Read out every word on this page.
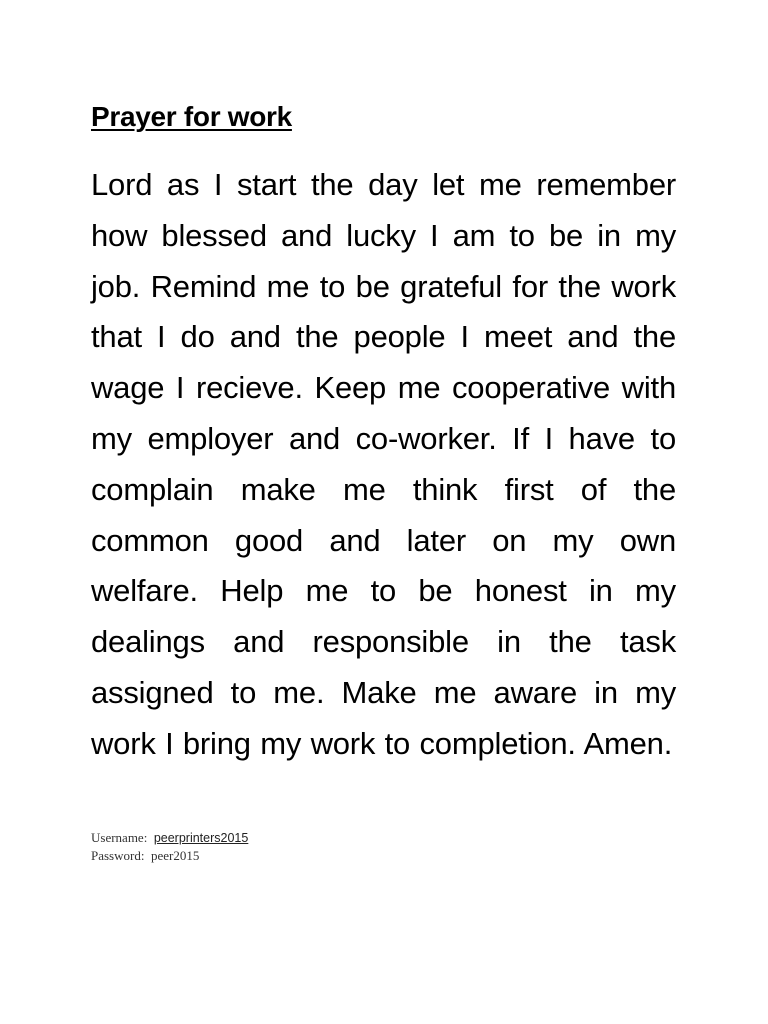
Prayer for work

Lord as I start the day let me remember how blessed and lucky I am to be in my job. Remind me to be grateful for the work that I do and the people I meet and the wage I recieve. Keep me cooperative with my employer and co-worker. If I have to complain make me think first of the common good and later on my own welfare. Help me to be honest in my dealings and responsible in the task assigned to me. Make me aware in my work I bring my work to completion. Amen.

Username:  peerprinters2015
Password:  peer2015
